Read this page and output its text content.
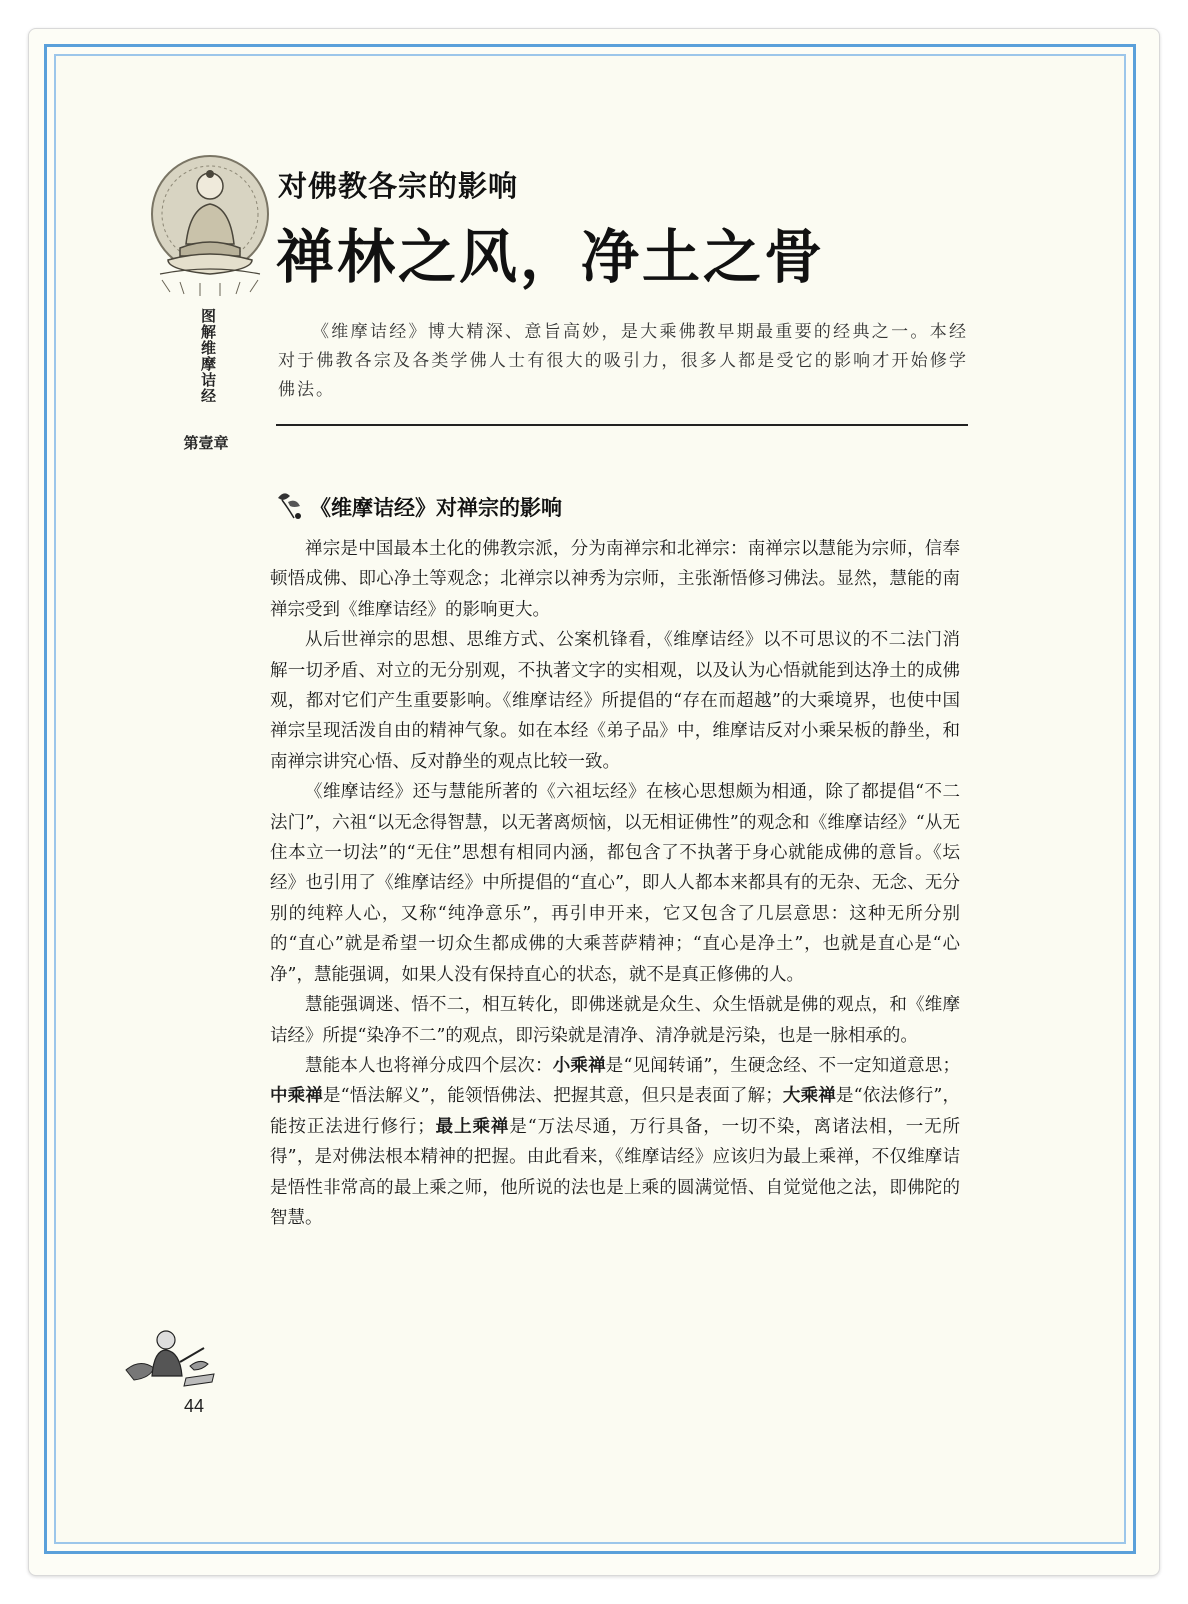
图解维摩诘经
第壹章
对佛教各宗的影响
禅林之风，净土之骨
《维摩诘经》博大精深、意旨高妙，是大乘佛教早期最重要的经典之一。本经对于佛教各宗及各类学佛人士有很大的吸引力，很多人都是受它的影响才开始修学佛法。
《维摩诘经》对禅宗的影响

禅宗是中国最本土化的佛教宗派，分为南禅宗和北禅宗：南禅宗以慧能为宗师，信奉顿悟成佛、即心净土等观念；北禅宗以神秀为宗师，主张渐悟修习佛法。显然，慧能的南禅宗受到《维摩诘经》的影响更大。

从后世禅宗的思想、思维方式、公案机锋看，《维摩诘经》以不可思议的不二法门消解一切矛盾、对立的无分别观，不执著文字的实相观，以及认为心悟就能到达净土的成佛观，都对它们产生重要影响。《维摩诘经》所提倡的“存在而超越”的大乘境界，也使中国禅宗呈现活泼自由的精神气象。如在本经《弟子品》中，维摩诘反对小乘呆板的静坐，和南禅宗讲究心悟、反对静坐的观点比较一致。

《维摩诘经》还与慧能所著的《六祖坛经》在核心思想颇为相通，除了都提倡“不二法门”，六祖“以无念得智慧，以无著离烦恼，以无相证佛性”的观念和《维摩诘经》“从无住本立一切法”的“无住”思想有相同内涵，都包含了不执著于身心就能成佛的意旨。《坛经》也引用了《维摩诘经》中所提倡的“直心”，即人人都本来都具有的无杂、无念、无分别的纯粹人心，又称“纯净意乐”，再引申开来，它又包含了几层意思：这种无所分别的“直心”就是希望一切众生都成佛的大乘菩萨精神；“直心是净土”，也就是直心是“心净”，慧能强调，如果人没有保持直心的状态，就不是真正修佛的人。

慧能强调迷、悟不二，相互转化，即佛迷就是众生、众生悟就是佛的观点，和《维摩诘经》所提“染净不二”的观点，即污染就是清净、清净就是污染，也是一脉相承的。

慧能本人也将禅分成四个层次：小乘禅是“见闻转诵”，生硬念经、不一定知道意思；中乘禅是“悟法解义”，能领悟佛法、把握其意，但只是表面了解；大乘禅是“依法修行”，能按正法进行修行；最上乘禅是“万法尽通，万行具备，一切不染，离诸法相，一无所得”，是对佛法根本精神的把握。由此看来，《维摩诘经》应该归为最上乘禅，不仅维摩诘是悟性非常高的最上乘之师，他所说的法也是上乘的圆满觉悟、自觉觉他之法，即佛陀的智慧。

44
